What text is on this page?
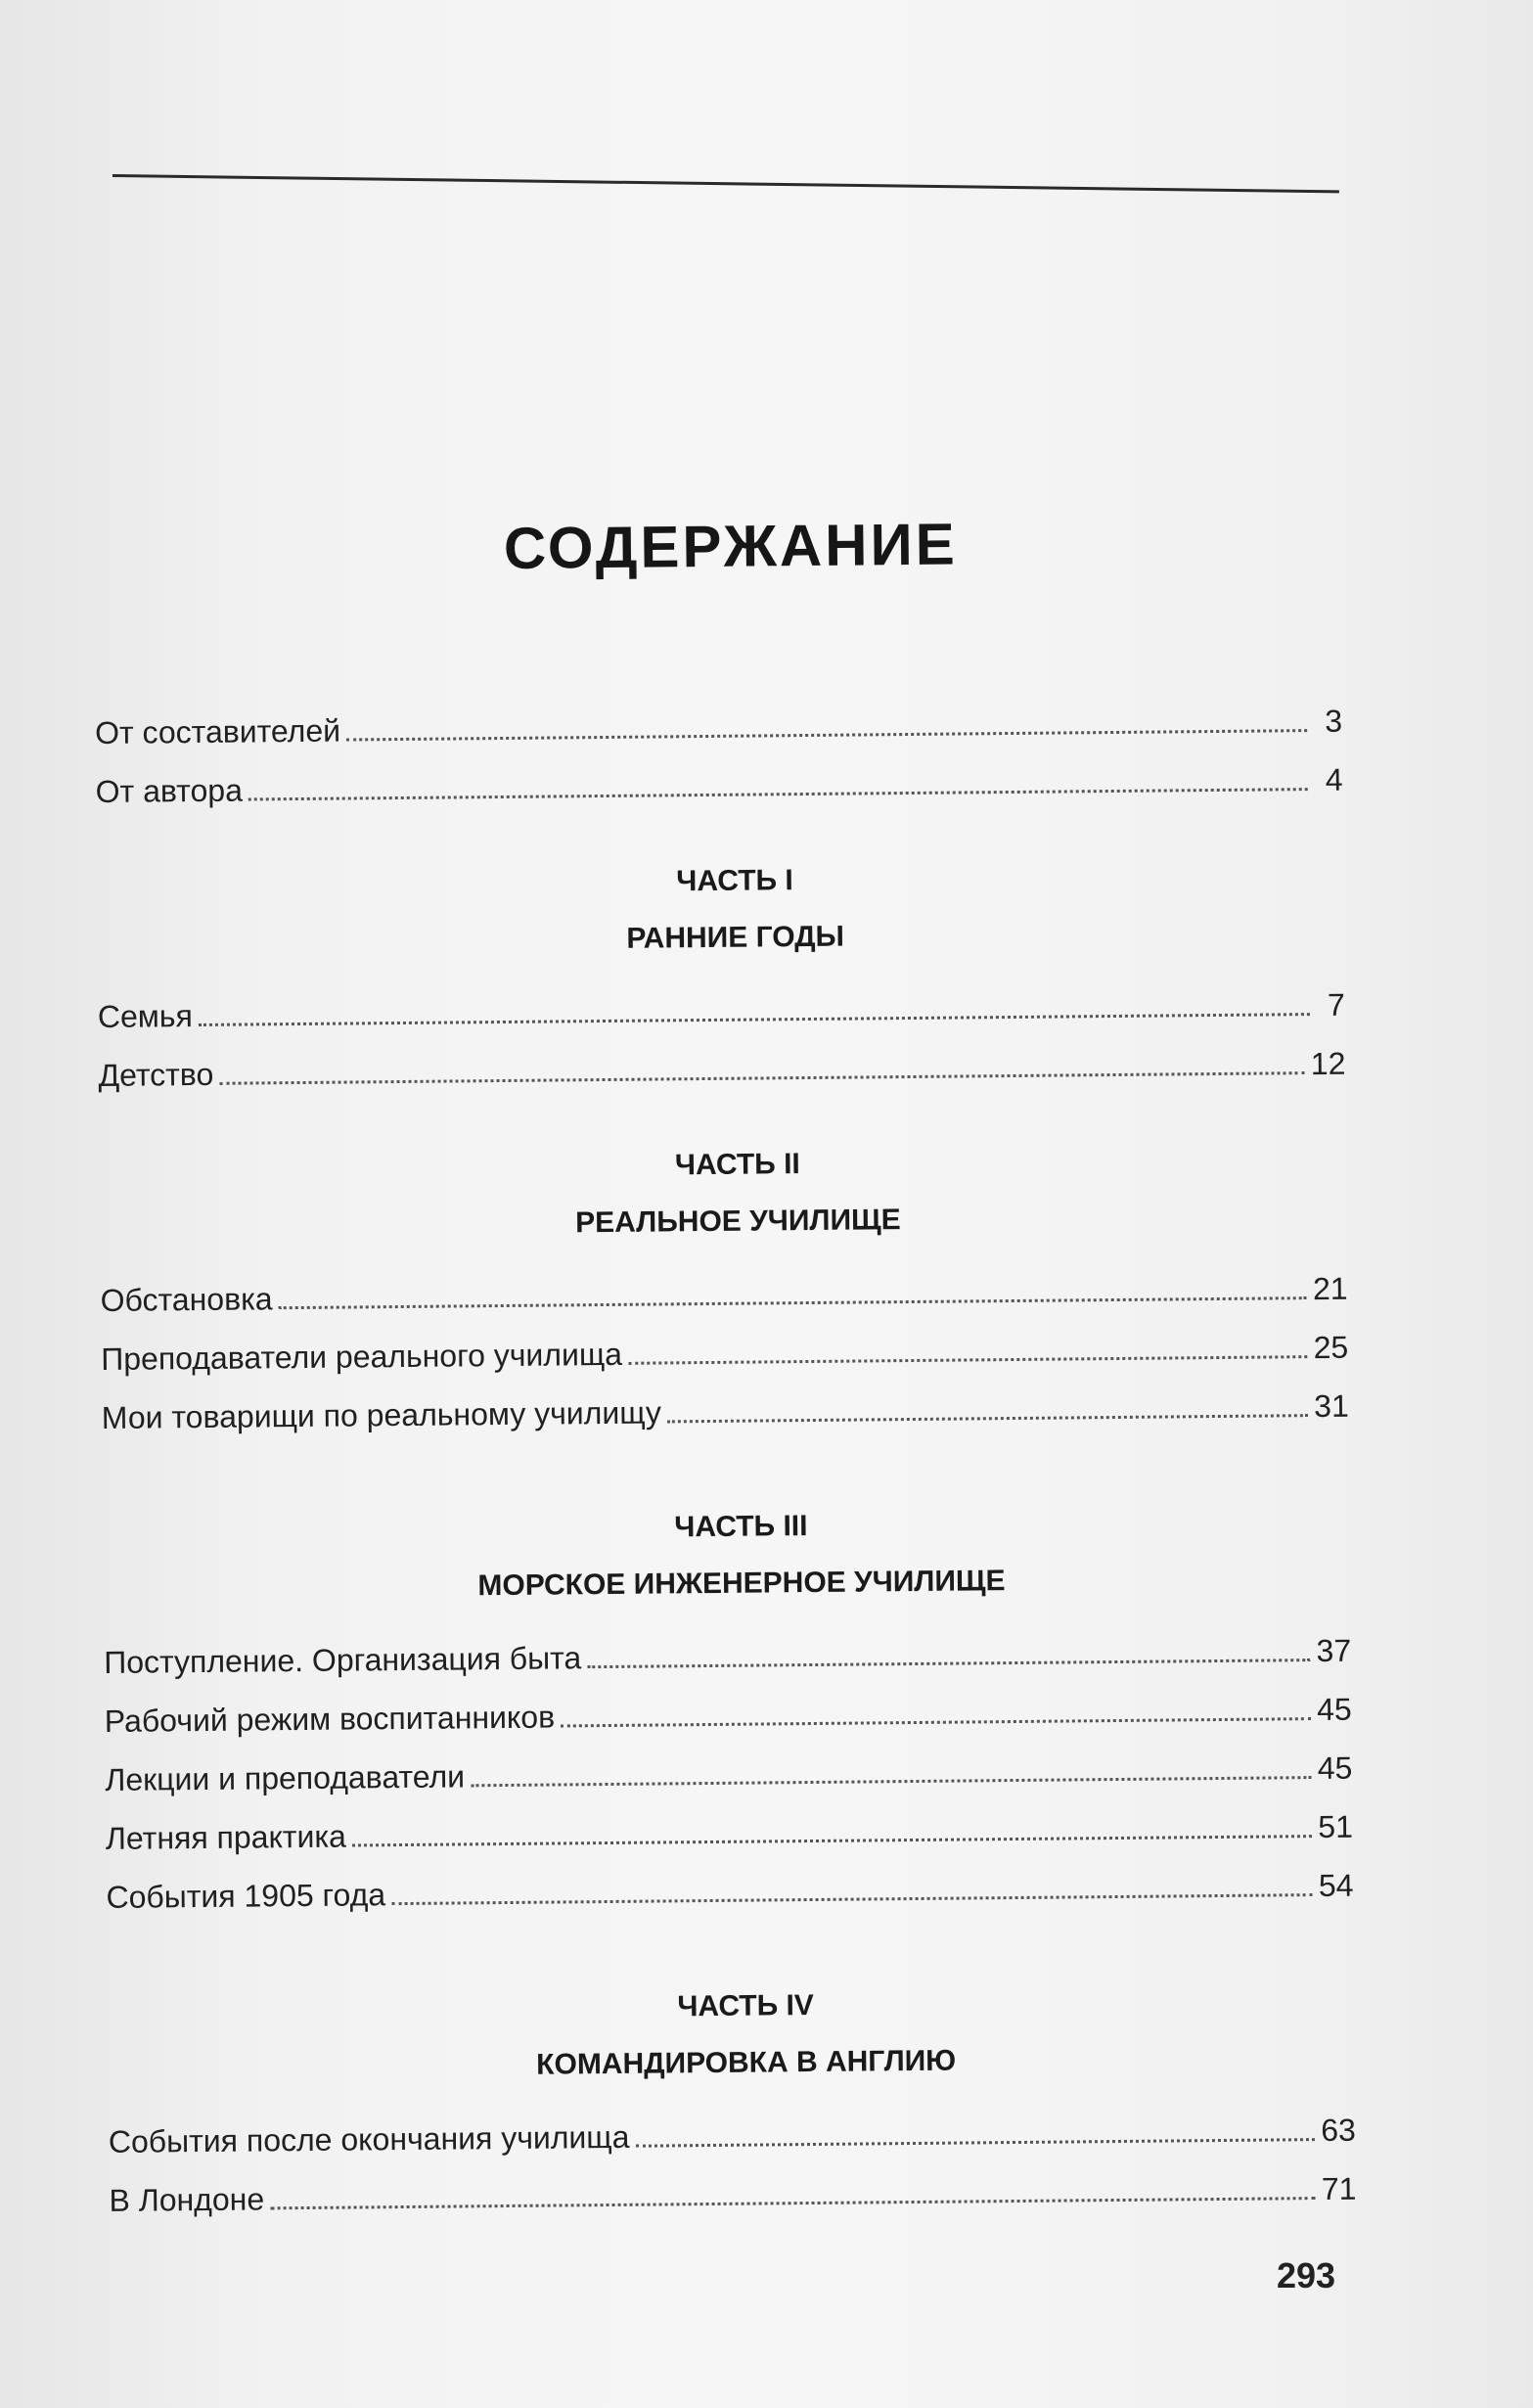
СОДЕРЖАНИЕ
От составителей	3
От автора	4
ЧАСТЬ I
РАННИЕ ГОДЫ
Семья	7
Детство	12
ЧАСТЬ II
РЕАЛЬНОЕ УЧИЛИЩЕ
Обстановка	21
Преподаватели реального училища	25
Мои товарищи по реальному училищу	31
ЧАСТЬ III
МОРСКОЕ ИНЖЕНЕРНОЕ УЧИЛИЩЕ
Поступление. Организация быта	37
Рабочий режим воспитанников	45
Лекции и преподаватели	45
Летняя практика	51
События 1905 года	54
ЧАСТЬ IV
КОМАНДИРОВКА В АНГЛИЮ
События после окончания училища	63
В Лондоне	71
293
